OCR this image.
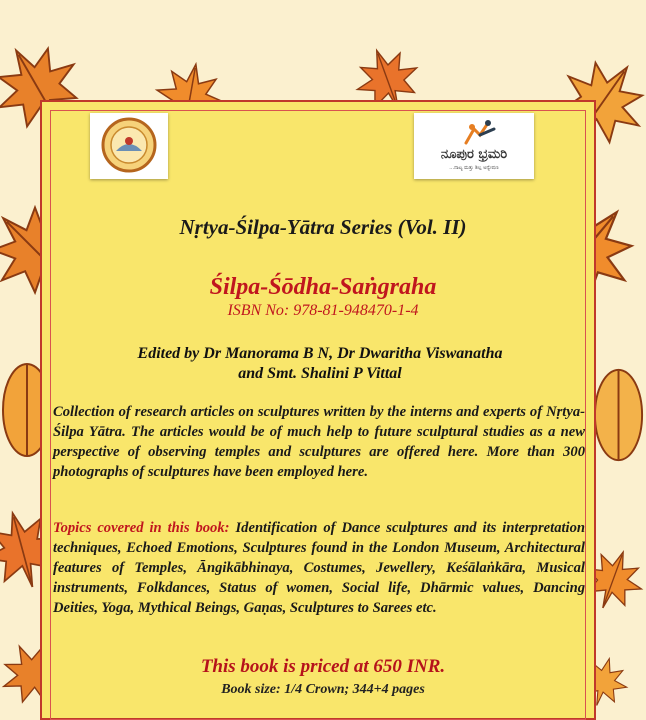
ನೂಪುರ ಭ್ರಮರಿ
...ನಾಟ್ಯ ಮತ್ತು ಶಿಲ್ಪ ಅನ್ವೇಷಣ
Nṛtya-Śilpa-Yātra Series (Vol. II)
Śilpa-Śōdha-Saṅgraha
ISBN No: 978-81-948470-1-4
Edited by Dr Manorama B N, Dr Dwaritha Viswanatha
and Smt. Shalini P Vittal
Collection of research articles on sculptures written by the interns and experts of Nṛtya-Śilpa Yātra. The articles would be of much help to future sculptural studies as a new perspective of observing temples and sculptures are offered here. More than 300 photographs of sculptures have been employed here.
Topics covered in this book: Identification of Dance sculptures and its interpretation techniques, Echoed Emotions, Sculptures found in the London Museum, Architectural features of Temples, Āngikābhinaya, Costumes, Jewellery, Keśālaṅkāra, Musical instruments, Folkdances, Status of women, Social life, Dhārmic values, Dancing Deities, Yoga, Mythical Beings, Gaṇas, Sculptures to Sarees etc.
This book is priced at 650 INR.
Book size: 1/4 Crown; 344+4 pages
